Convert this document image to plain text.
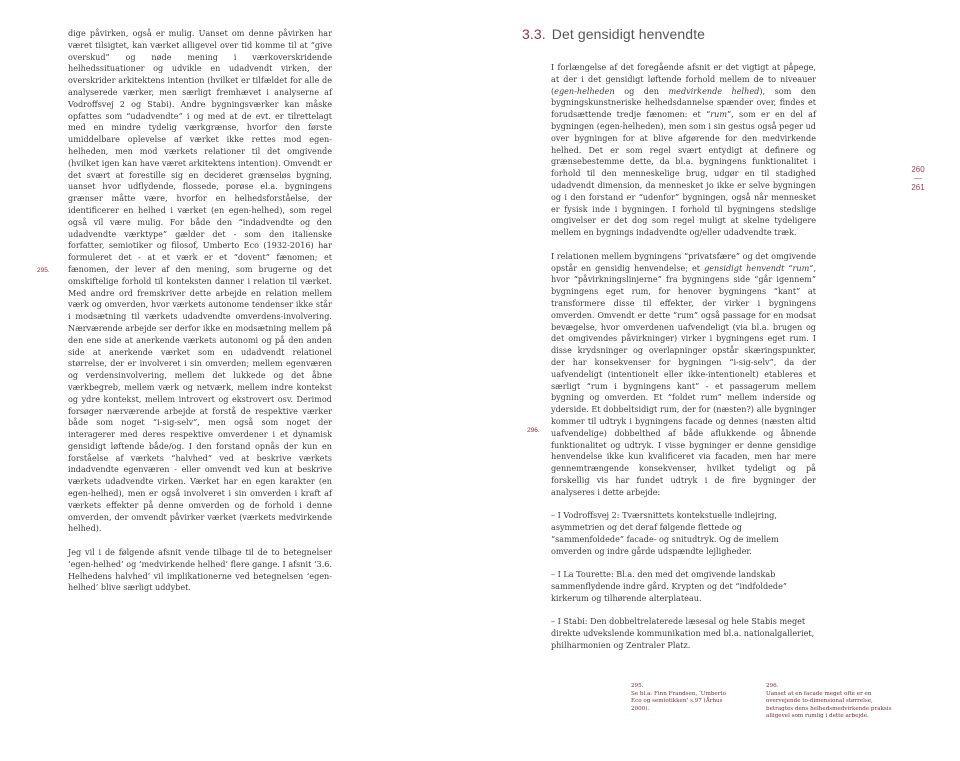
dige påvirken, også er mulig. Uanset om denne påvirken har været tilsigtet, kan værket alligevel over tid komme til at “give overskud” og nøde mening i værkoverskridende helhedssituationer og udvikle en udadvendt virken, der overskrider arkitektens intention (hvilket er tilfældet for alle de analyserede værker, men særligt fremhævet i analyserne af Vodroffsvej 2 og Stabi). Andre bygningsværker kan måske opfattes som “udadvendte” i og med at de evt. er tilrettelagt med en mindre tydelig værkgrænse, hvorfor den første umiddelbare oplevelse af værket ikke rettes mod egen-helheden, men mod værkets relationer til det omgivende (hvilket igen kan have været arkitektens intention). Omvendt er det svært at forestille sig en decideret grænseløs bygning, uanset hvor udflydende, flossede, porøse el.a. bygningens grænser måtte være, hvorfor en helhedsforståelse, der identificerer en helhed i værket (en egen-helhed), som regel også vil være mulig. For både den “indadvendte og den udadvendte værktype” gælder det - som den italienske forfatter, semiotiker og filosof, Umberto Eco (1932-2016) har formuleret det - at et værk er et “dovent” fænomen; et fænomen, der lever af den mening, som brugerne og det omskiftelige forhold til konteksten danner i relation til værket. Med andre ord fremskriver dette arbejde en relation mellem værk og omverden, hvor værkets autonome tendenser ikke står i modsætning til værkets udadvendte omverdens-involvering. Nærværende arbejde ser derfor ikke en modsætning mellem på den ene side at anerkende værkets autonomi og på den anden side at anerkende værket som en udadvendt relationel størrelse, der er involveret i sin omverden; mellem egenværen og verdensinvolvering, mellem det lukkede og det åbne værkbegreb, mellem værk og netværk, mellem indre kontekst og ydre kontekst, mellem introvert og ekstrovert osv. Derimod forsøger nærværende arbejde at forstå de respektive værker både som noget “i-sig-selv”, men også som noget der interagerer med deres respektive omverdener i et dynamisk gensidigt løftende både/og. I den forstand opnås der kun en forståelse af værkets “halvhed” ved at beskrive værkets indadvendte egenværen - eller omvendt ved kun at beskrive værkets udadvendte virken. Værket har en egen karakter (en egen-helhed), men er også involveret i sin omverden i kraft af værkets effekter på denne omverden og de forhold i denne omverden, der omvendt påvirker værket (værkets medvirkende helhed).

Jeg vil i de følgende afsnit vende tilbage til de to betegnelser ‘egen-helhed’ og ‘medvirkende helhed’ flere gange. I afsnit ‘3.6. Helhedens halvhed’ vil implikationerne ved betegnelsen ‘egen-helhed’ blive særligt uddybet.

295.
3.3. Det gensidigt henvendte

I forlængelse af det foregående afsnit er det vigtigt at påpege, at der i det gensidigt løftende forhold mellem de to niveauer (egen-helheden og den medvirkende helhed), som den bygningskunstneriske helhedsdannelse spænder over, findes et forudsættende tredje fænomen: et “rum”, som er en del af bygningen (egen-helheden), men som i sin gestus også peger ud over bygningen for at blive afgørende for den medvirkende helhed. Det er som regel svært entydigt at definere og grænsebestemme dette, da bl.a. bygningens funktionalitet i forhold til den menneskelige brug, udgør en til stadighed udadvendt dimension, da mennesket jo ikke er selve bygningen og i den forstand er “udenfor” bygningen, også når mennesket er fysisk inde i bygningen. I forhold til bygningens stedslige omgivelser er det dog som regel muligt at skelne tydeligere mellem en bygnings indadvendte og/eller udadvendte træk.

I relationen mellem bygningens “privatsfære” og det omgivende opstår en gensidig henvendelse; et gensidigt henvendt “rum”, hvor “påvirkningslinjerne” fra bygningens side “går igennem” bygningens eget rum, for henover bygningens “kant” at transformere disse til effekter, der virker i bygningens omverden. Omvendt er dette “rum” også passage for en modsat bevægelse, hvor omverdenen uafvendeligt (via bl.a. brugen og det omgivendes påvirkninger) virker i bygningens eget rum. I disse krydsninger og overlapninger opstår skæringspunkter, der har konsekvenser for bygningen “i-sig-selv”, da der uafvendeligt (intentionelt eller ikke-intentionelt) etableres et særligt “rum i bygningens kant” - et passagerum mellem bygning og omverden. Et “foldet rum” mellem inderside og yderside. Et dobbeltsidigt rum, der for (næsten?) alle bygninger kommer til udtryk i bygningens facade og dennes (næsten altid uafvendelige) dobbelthed af både aflukkende og åbnende funktionalitet og udtryk. I visse bygninger er denne gensidige henvendelse ikke kun kvalificeret via facaden, men har mere gennemtrængende konsekvenser, hvilket tydeligt og på forskellig vis har fundet udtryk i de fire bygninger der analyseres i dette arbejde:

– I Vodroffsvej 2: Tværsnittets kontekstuelle indlejring, asymmetrien og det deraf følgende flettede og “sammenfoldede” facade- og snitudtryk. Og de imellem omverden og indre gårde udspændte lejligheder.

– I La Tourette: Bl.a. den med det omgivende landskab sammenflydende indre gård. Krypten og det “indfoldede” kirkerum og tilhørende alterplateau.

– I Stabi: Den dobbeltrelaterede læsesal og hele Stabis meget direkte udvekslende kommunikation med bl.a. nationalgalleriet, philharmonien og Zentraler Platz.

296.
260
—
261
295.
Se bl.a. Finn Frandsen, ‘Umberto Eco og semiotikken’ s.97 (Århus 2000).
296.
Uanset at en facade meget ofte er en overvejende to-dimensional størrelse, betragtes dens helhedsmedvirkende praksis alligevel som rumlig i dette arbejde.
